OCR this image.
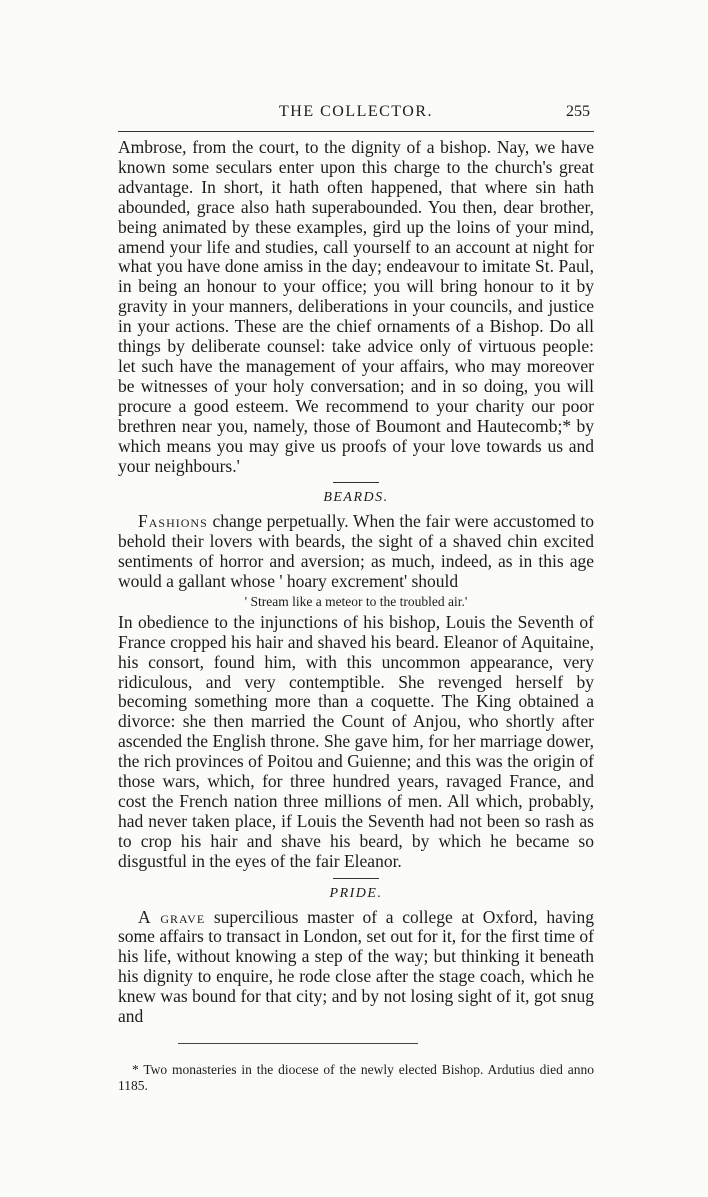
THE COLLECTOR.	255

Ambrose, from the court, to the dignity of a bishop. Nay, we have known some seculars enter upon this charge to the church's great advantage. In short, it hath often happened, that where sin hath abounded, grace also hath superabounded. You then, dear brother, being animated by these examples, gird up the loins of your mind, amend your life and studies, call yourself to an account at night for what you have done amiss in the day; endeavour to imitate St. Paul, in being an honour to your office; you will bring honour to it by gravity in your manners, deliberations in your councils, and justice in your actions. These are the chief ornaments of a Bishop. Do all things by deliberate counsel: take advice only of virtuous people: let such have the management of your affairs, who may moreover be witnesses of your holy conversation; and in so doing, you will procure a good esteem. We recommend to your charity our poor brethren near you, namely, those of Boumont and Hautecomb;* by which means you may give us proofs of your love towards us and your neighbours.'

BEARDS.

Fashions change perpetually. When the fair were accustomed to behold their lovers with beards, the sight of a shaved chin excited sentiments of horror and aversion; as much, indeed, as in this age would a gallant whose ' hoary excrement' should

' Stream like a meteor to the troubled air.'

In obedience to the injunctions of his bishop, Louis the Seventh of France cropped his hair and shaved his beard. Eleanor of Aquitaine, his consort, found him, with this uncommon appearance, very ridiculous, and very contemptible. She revenged herself by becoming something more than a coquette. The King obtained a divorce: she then married the Count of Anjou, who shortly after ascended the English throne. She gave him, for her marriage dower, the rich provinces of Poitou and Guienne; and this was the origin of those wars, which, for three hundred years, ravaged France, and cost the French nation three millions of men. All which, probably, had never taken place, if Louis the Seventh had not been so rash as to crop his hair and shave his beard, by which he became so disgustful in the eyes of the fair Eleanor.

PRIDE.

A grave supercilious master of a college at Oxford, having some affairs to transact in London, set out for it, for the first time of his life, without knowing a step of the way; but thinking it beneath his dignity to enquire, he rode close after the stage coach, which he knew was bound for that city; and by not losing sight of it, got snug and

* Two monasteries in the diocese of the newly elected Bishop. Ardutius died anno 1185.
